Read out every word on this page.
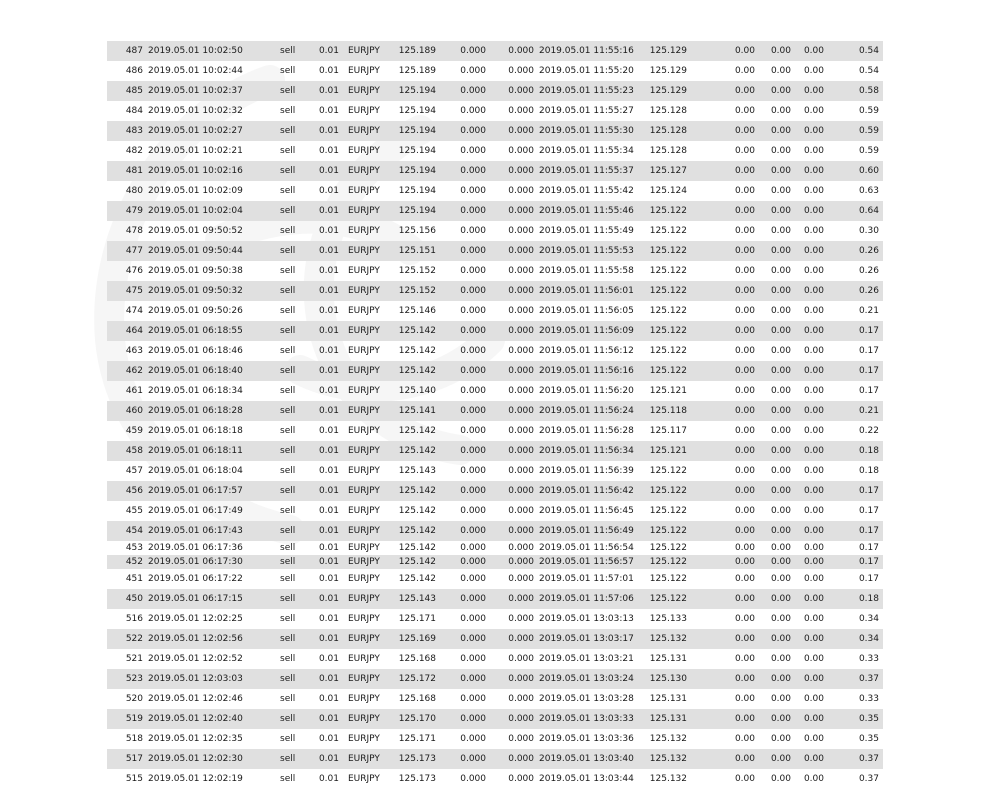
487 2019.05.01 10:02:50	sell	0.01 EURJPY	125.189	0.000	0.000 2019.05.01 11:55:16	125.129	0.00	0.00	0.00	0.54
486 2019.05.01 10:02:44	sell	0.01 EURJPY	125.189	0.000	0.000 2019.05.01 11:55:20	125.129	0.00	0.00	0.00	0.54
485 2019.05.01 10:02:37	sell	0.01 EURJPY	125.194	0.000	0.000 2019.05.01 11:55:23	125.129	0.00	0.00	0.00	0.58
484 2019.05.01 10:02:32	sell	0.01 EURJPY	125.194	0.000	0.000 2019.05.01 11:55:27	125.128	0.00	0.00	0.00	0.59
483 2019.05.01 10:02:27	sell	0.01 EURJPY	125.194	0.000	0.000 2019.05.01 11:55:30	125.128	0.00	0.00	0.00	0.59
482 2019.05.01 10:02:21	sell	0.01 EURJPY	125.194	0.000	0.000 2019.05.01 11:55:34	125.128	0.00	0.00	0.00	0.59
481 2019.05.01 10:02:16	sell	0.01 EURJPY	125.194	0.000	0.000 2019.05.01 11:55:37	125.127	0.00	0.00	0.00	0.60
480 2019.05.01 10:02:09	sell	0.01 EURJPY	125.194	0.000	0.000 2019.05.01 11:55:42	125.124	0.00	0.00	0.00	0.63
479 2019.05.01 10:02:04	sell	0.01 EURJPY	125.194	0.000	0.000 2019.05.01 11:55:46	125.122	0.00	0.00	0.00	0.64
478 2019.05.01 09:50:52	sell	0.01 EURJPY	125.156	0.000	0.000 2019.05.01 11:55:49	125.122	0.00	0.00	0.00	0.30
477 2019.05.01 09:50:44	sell	0.01 EURJPY	125.151	0.000	0.000 2019.05.01 11:55:53	125.122	0.00	0.00	0.00	0.26
476 2019.05.01 09:50:38	sell	0.01 EURJPY	125.152	0.000	0.000 2019.05.01 11:55:58	125.122	0.00	0.00	0.00	0.26
475 2019.05.01 09:50:32	sell	0.01 EURJPY	125.152	0.000	0.000 2019.05.01 11:56:01	125.122	0.00	0.00	0.00	0.26
474 2019.05.01 09:50:26	sell	0.01 EURJPY	125.146	0.000	0.000 2019.05.01 11:56:05	125.122	0.00	0.00	0.00	0.21
464 2019.05.01 06:18:55	sell	0.01 EURJPY	125.142	0.000	0.000 2019.05.01 11:56:09	125.122	0.00	0.00	0.00	0.17
463 2019.05.01 06:18:46	sell	0.01 EURJPY	125.142	0.000	0.000 2019.05.01 11:56:12	125.122	0.00	0.00	0.00	0.17
462 2019.05.01 06:18:40	sell	0.01 EURJPY	125.142	0.000	0.000 2019.05.01 11:56:16	125.122	0.00	0.00	0.00	0.17
461 2019.05.01 06:18:34	sell	0.01 EURJPY	125.140	0.000	0.000 2019.05.01 11:56:20	125.121	0.00	0.00	0.00	0.17
460 2019.05.01 06:18:28	sell	0.01 EURJPY	125.141	0.000	0.000 2019.05.01 11:56:24	125.118	0.00	0.00	0.00	0.21
459 2019.05.01 06:18:18	sell	0.01 EURJPY	125.142	0.000	0.000 2019.05.01 11:56:28	125.117	0.00	0.00	0.00	0.22
458 2019.05.01 06:18:11	sell	0.01 EURJPY	125.142	0.000	0.000 2019.05.01 11:56:34	125.121	0.00	0.00	0.00	0.18
457 2019.05.01 06:18:04	sell	0.01 EURJPY	125.143	0.000	0.000 2019.05.01 11:56:39	125.122	0.00	0.00	0.00	0.18
456 2019.05.01 06:17:57	sell	0.01 EURJPY	125.142	0.000	0.000 2019.05.01 11:56:42	125.122	0.00	0.00	0.00	0.17
455 2019.05.01 06:17:49	sell	0.01 EURJPY	125.142	0.000	0.000 2019.05.01 11:56:45	125.122	0.00	0.00	0.00	0.17
454 2019.05.01 06:17:43	sell	0.01 EURJPY	125.142	0.000	0.000 2019.05.01 11:56:49	125.122	0.00	0.00	0.00	0.17
453 2019.05.01 06:17:36	sell	0.01 EURJPY	125.142	0.000	0.000 2019.05.01 11:56:54	125.122	0.00	0.00	0.00	0.17
452 2019.05.01 06:17:30	sell	0.01 EURJPY	125.142	0.000	0.000 2019.05.01 11:56:57	125.122	0.00	0.00	0.00	0.17
451 2019.05.01 06:17:22	sell	0.01 EURJPY	125.142	0.000	0.000 2019.05.01 11:57:01	125.122	0.00	0.00	0.00	0.17
450 2019.05.01 06:17:15	sell	0.01 EURJPY	125.143	0.000	0.000 2019.05.01 11:57:06	125.122	0.00	0.00	0.00	0.18
516 2019.05.01 12:02:25	sell	0.01 EURJPY	125.171	0.000	0.000 2019.05.01 13:03:13	125.133	0.00	0.00	0.00	0.34
522 2019.05.01 12:02:56	sell	0.01 EURJPY	125.169	0.000	0.000 2019.05.01 13:03:17	125.132	0.00	0.00	0.00	0.34
521 2019.05.01 12:02:52	sell	0.01 EURJPY	125.168	0.000	0.000 2019.05.01 13:03:21	125.131	0.00	0.00	0.00	0.33
523 2019.05.01 12:03:03	sell	0.01 EURJPY	125.172	0.000	0.000 2019.05.01 13:03:24	125.130	0.00	0.00	0.00	0.37
520 2019.05.01 12:02:46	sell	0.01 EURJPY	125.168	0.000	0.000 2019.05.01 13:03:28	125.131	0.00	0.00	0.00	0.33
519 2019.05.01 12:02:40	sell	0.01 EURJPY	125.170	0.000	0.000 2019.05.01 13:03:33	125.131	0.00	0.00	0.00	0.35
518 2019.05.01 12:02:35	sell	0.01 EURJPY	125.171	0.000	0.000 2019.05.01 13:03:36	125.132	0.00	0.00	0.00	0.35
517 2019.05.01 12:02:30	sell	0.01 EURJPY	125.173	0.000	0.000 2019.05.01 13:03:40	125.132	0.00	0.00	0.00	0.37
515 2019.05.01 12:02:19	sell	0.01 EURJPY	125.173	0.000	0.000 2019.05.01 13:03:44	125.132	0.00	0.00	0.00	0.37
